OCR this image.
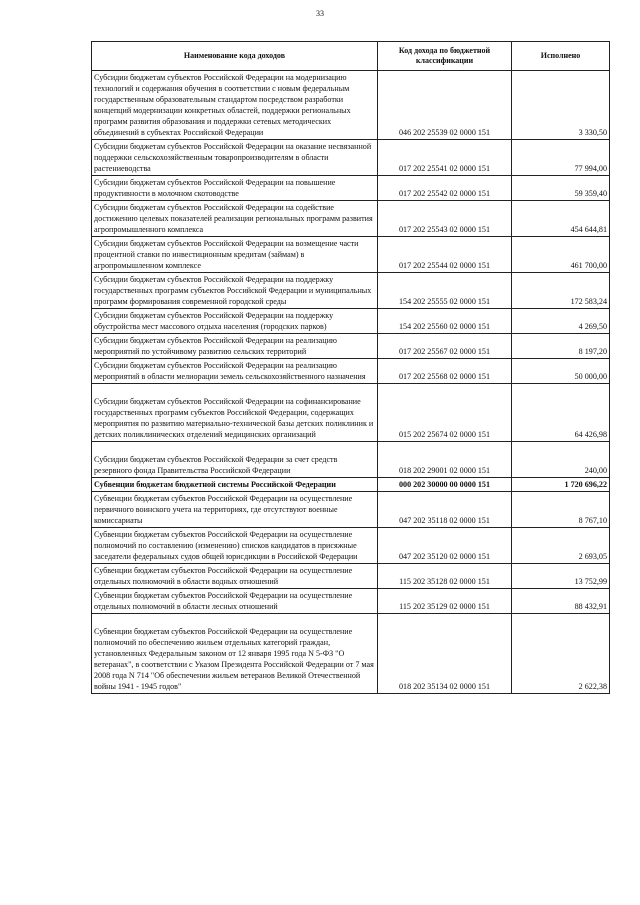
33
Наименование кода доходов	Код дохода по бюджетной классификации	Исполнено
Субсидии бюджетам субъектов Российской Федерации на модернизацию технологий и содержания обучения в соответствии с новым федеральным государственным образовательным стандартом посредством разработки концепций модернизации конкретных областей, поддержки региональных программ развития образования и поддержки сетевых методических объединений в субъектах Российской Федерации	046 202 25539 02 0000 151	3 330,50
Субсидии бюджетам субъектов Российской Федерации на оказание несвязанной поддержки сельскохозяйственным товаропроизводителям в области растениеводства	017 202 25541 02 0000 151	77 994,00
Субсидии бюджетам субъектов Российской Федерации на повышение продуктивности в молочном скотоводстве	017 202 25542 02 0000 151	59 359,40
Субсидии бюджетам субъектов Российской Федерации на содействие достижению целевых показателей реализации региональных программ развития агропромышленного комплекса	017 202 25543 02 0000 151	454 644,81
Субсидии бюджетам субъектов Российской Федерации на возмещение части процентной ставки по инвестиционным кредитам (займам) в агропромышленном комплексе	017 202 25544 02 0000 151	461 700,00
Субсидии бюджетам субъектов Российской Федерации на поддержку государственных программ субъектов Российской Федерации и муниципальных программ формирования современной городской среды	154 202 25555 02 0000 151	172 583,24
Субсидии бюджетам субъектов Российской Федерации на поддержку обустройства мест массового отдыха населения (городских парков)	154 202 25560 02 0000 151	4 269,50
Субсидии бюджетам субъектов Российской Федерации на реализацию мероприятий по устойчивому развитию сельских территорий	017 202 25567 02 0000 151	8 197,20
Субсидии бюджетам субъектов Российской Федерации на реализацию мероприятий в области мелиорации земель сельскохозяйственного назначения	017 202 25568 02 0000 151	50 000,00
Субсидии бюджетам субъектов Российской Федерации на софинансирование государственных программ субъектов Российской Федерации, содержащих мероприятия по развитию материально-технической базы детских поликлиник и детских поликлинических отделений медицинских организаций	015 202 25674 02 0000 151	64 426,98
Субсидии бюджетам субъектов Российской Федерации за счет средств резервного фонда Правительства Российской Федерации	018 202 29001 02 0000 151	240,00
Субвенции бюджетам бюджетной системы Российской Федерации	000 202 30000 00 0000 151	1 720 696,22
Субвенции бюджетам субъектов Российской Федерации на осуществление первичного воинского учета на территориях, где отсутствуют военные комиссариаты	047 202 35118 02 0000 151	8 767,10
Субвенции бюджетам субъектов Российской Федерации на осуществление полномочий по составлению (изменению) списков кандидатов в присяжные заседатели федеральных судов общей юрисдикции в Российской Федерации	047 202 35120 02 0000 151	2 693,05
Субвенции бюджетам субъектов Российской Федерации на осуществление отдельных полномочий в области водных отношений	115 202 35128 02 0000 151	13 752,99
Субвенции бюджетам субъектов Российской Федерации на осуществление отдельных полномочий в области лесных отношений	115 202 35129 02 0000 151	88 432,91
Субвенции бюджетам субъектов Российской Федерации на осуществление полномочий по обеспечению жильем отдельных категорий граждан, установленных Федеральным законом от 12 января 1995 года N 5-ФЗ "О ветеранах", в соответствии с Указом Президента Российской Федерации от 7 мая 2008 года N 714 "Об обеспечении жильем ветеранов Великой Отечественной войны 1941 - 1945 годов"	018 202 35134 02 0000 151	2 622,38
